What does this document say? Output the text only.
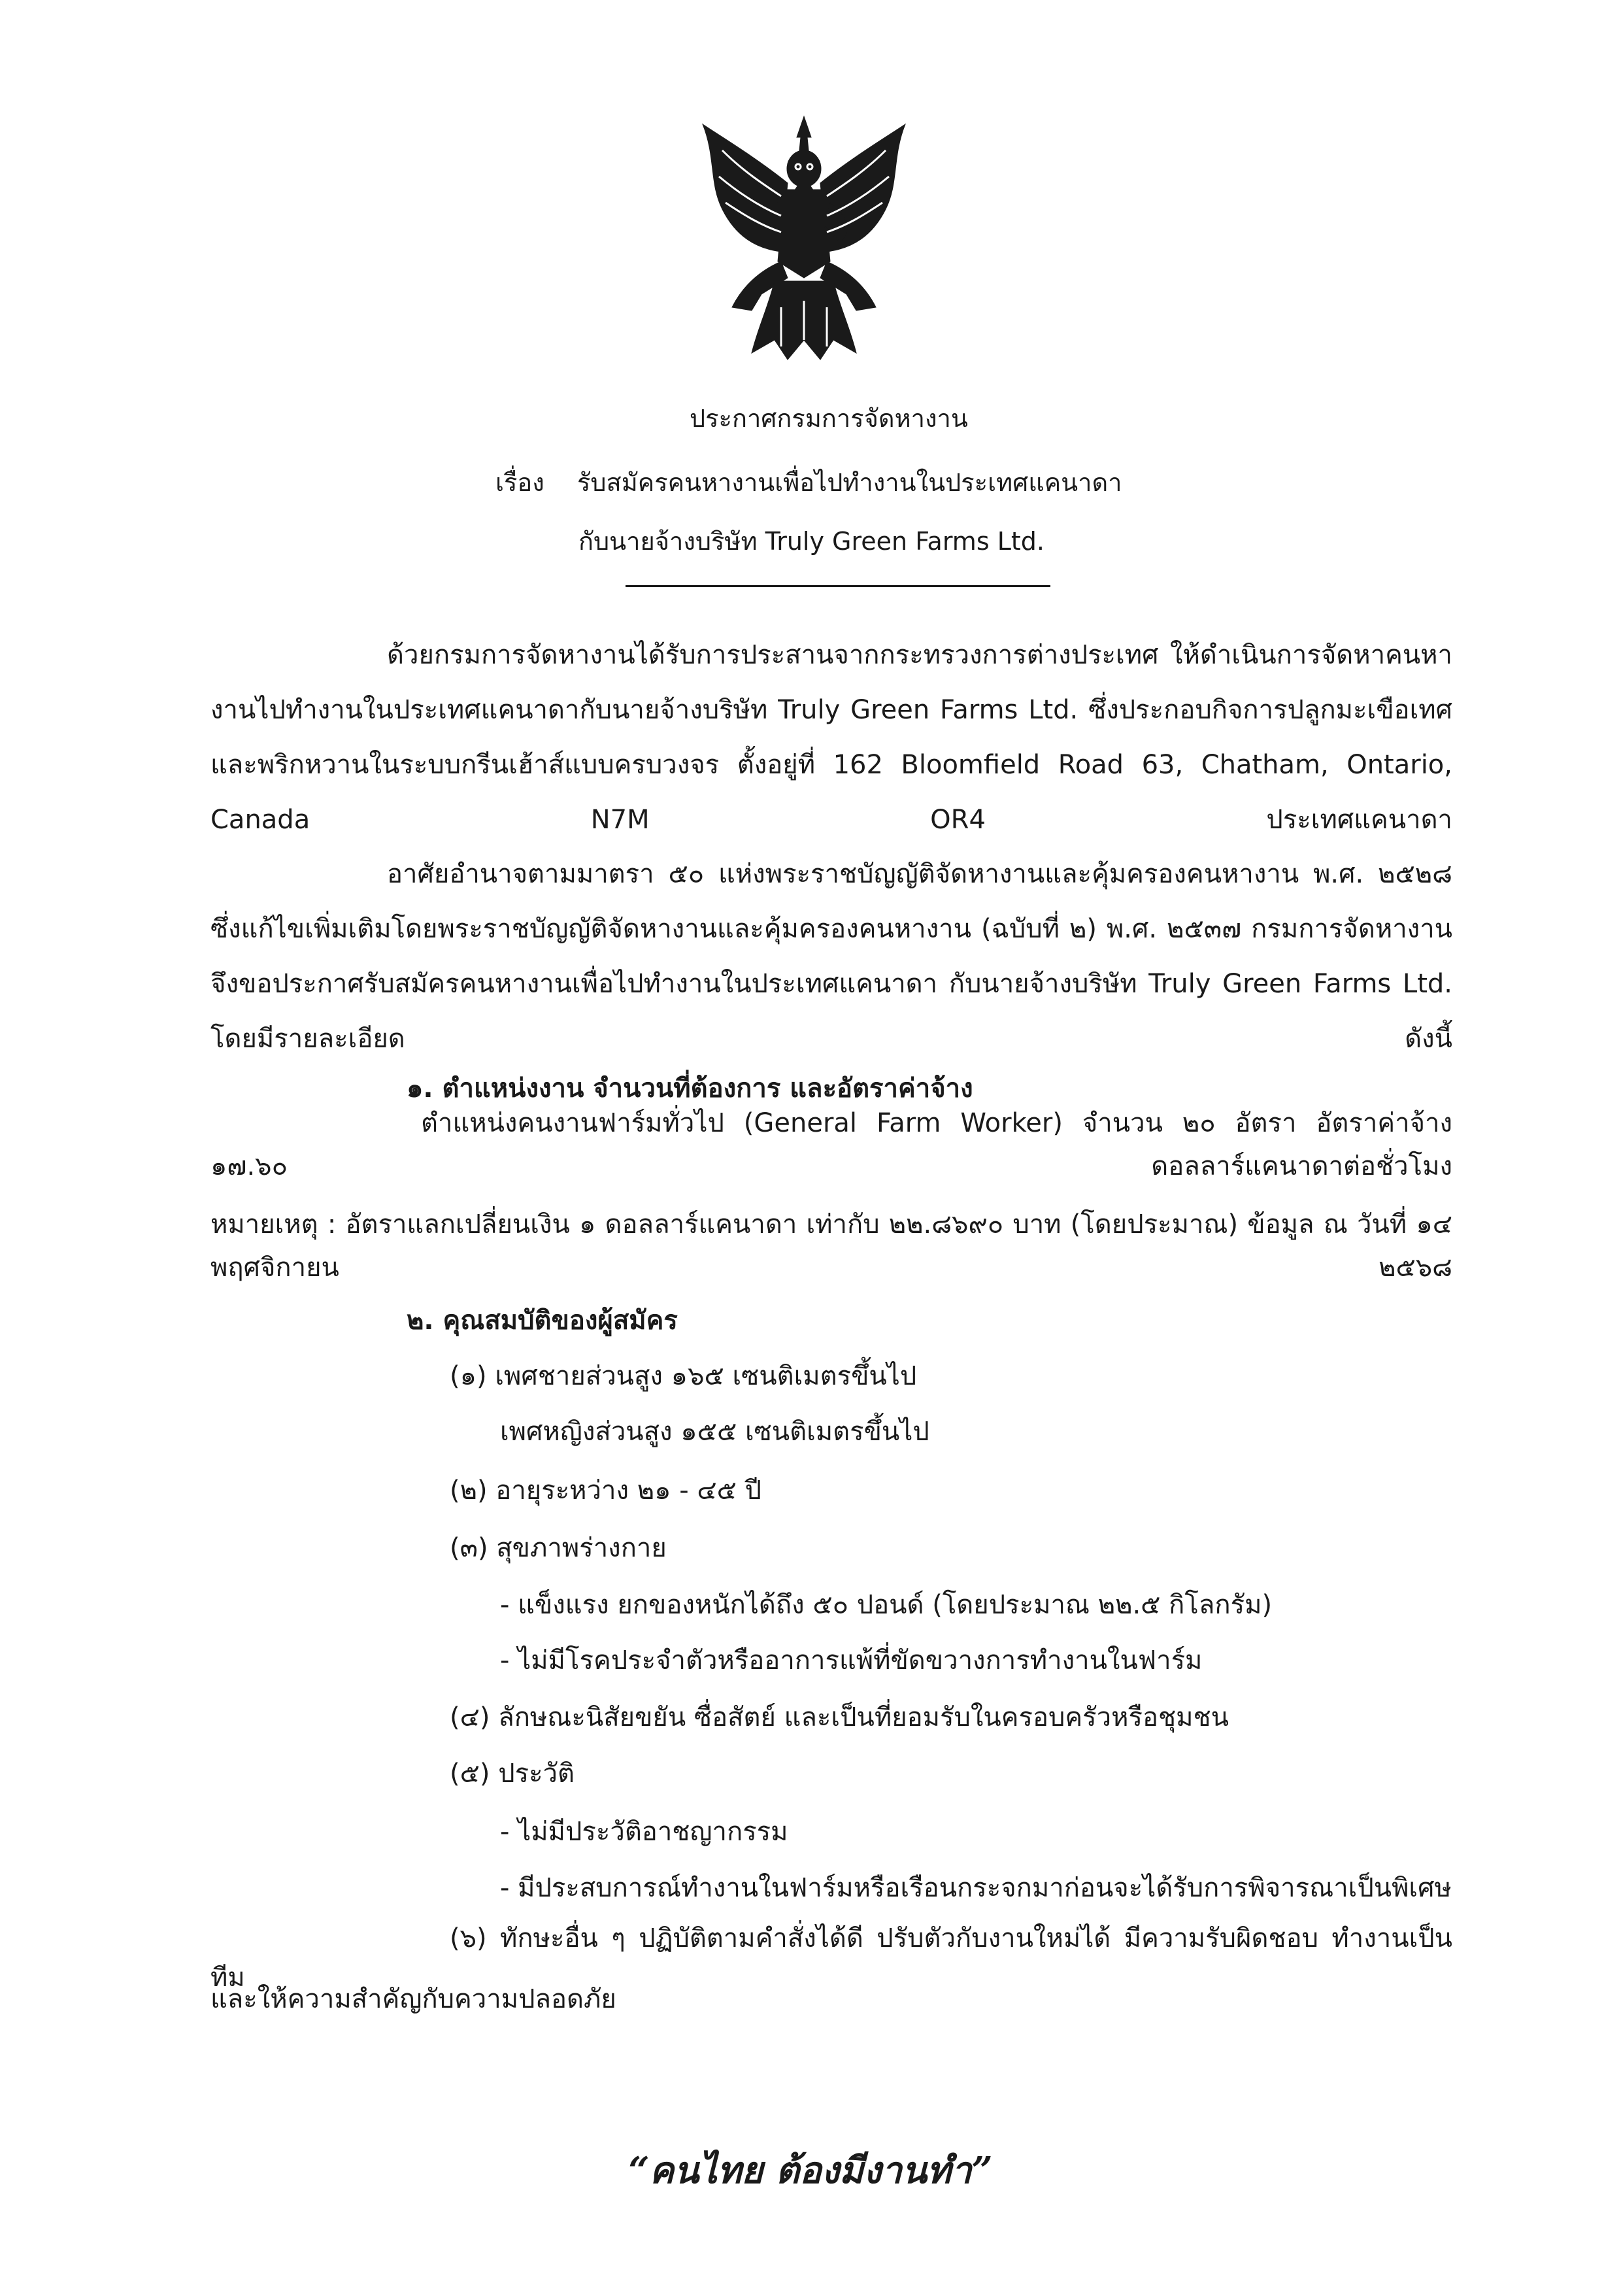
ประกาศกรมการจัดหางาน
เรื่อง รับสมัครคนหางานเพื่อไปทำงานในประเทศแคนาดา
กับนายจ้างบริษัท Truly Green Farms Ltd.
ด้วยกรมการจัดหางานได้รับการประสานจากกระทรวงการต่างประเทศ ให้ดำเนินการจัดหาคนหางานไปทำงานในประเทศแคนาดากับนายจ้างบริษัท Truly Green Farms Ltd. ซึ่งประกอบกิจการปลูกมะเขือเทศและพริกหวานในระบบกรีนเฮ้าส์แบบครบวงจร ตั้งอยู่ที่ 162 Bloomfield Road 63, Chatham, Ontario, Canada N7M OR4 ประเทศแคนาดา
อาศัยอำนาจตามมาตรา ๕๐ แห่งพระราชบัญญัติจัดหางานและคุ้มครองคนหางาน พ.ศ. ๒๕๒๘ ซึ่งแก้ไขเพิ่มเติมโดยพระราชบัญญัติจัดหางานและคุ้มครองคนหางาน (ฉบับที่ ๒) พ.ศ. ๒๕๓๗ กรมการจัดหางานจึงขอประกาศรับสมัครคนหางานเพื่อไปทำงานในประเทศแคนาดา กับนายจ้างบริษัท Truly Green Farms Ltd. โดยมีรายละเอียด ดังนี้
๑. ตำแหน่งงาน จำนวนที่ต้องการ และอัตราค่าจ้าง
ตำแหน่งคนงานฟาร์มทั่วไป (General Farm Worker) จำนวน ๒๐ อัตรา อัตราค่าจ้าง ๑๗.๖๐ ดอลลาร์แคนาดาต่อชั่วโมง
หมายเหตุ : อัตราแลกเปลี่ยนเงิน ๑ ดอลลาร์แคนาดา เท่ากับ ๒๒.๘๖๙๐ บาท (โดยประมาณ) ข้อมูล ณ วันที่ ๑๔ พฤศจิกายน ๒๕๖๘
๒. คุณสมบัติของผู้สมัคร
(๑) เพศชายส่วนสูง ๑๖๕ เซนติเมตรขึ้นไป
เพศหญิงส่วนสูง ๑๕๕ เซนติเมตรขึ้นไป
(๒) อายุระหว่าง ๒๑ - ๔๕ ปี
(๓) สุขภาพร่างกาย
- แข็งแรง ยกของหนักได้ถึง ๕๐ ปอนด์ (โดยประมาณ ๒๒.๕ กิโลกรัม)
- ไม่มีโรคประจำตัวหรืออาการแพ้ที่ขัดขวางการทำงานในฟาร์ม
(๔) ลักษณะนิสัยขยัน ซื่อสัตย์ และเป็นที่ยอมรับในครอบครัวหรือชุมชน
(๕) ประวัติ
- ไม่มีประวัติอาชญากรรม
- มีประสบการณ์ทำงานในฟาร์มหรือเรือนกระจกมาก่อนจะได้รับการพิจารณาเป็นพิเศษ
(๖) ทักษะอื่น ๆ ปฏิบัติตามคำสั่งได้ดี ปรับตัวกับงานใหม่ได้ มีความรับผิดชอบ ทำงานเป็นทีม
และให้ความสำคัญกับความปลอดภัย
“คนไทย ต้องมีงานทำ”
